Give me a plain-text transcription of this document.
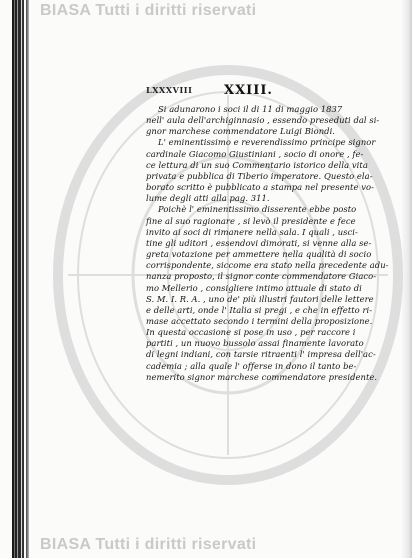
BIASA Tutti i diritti riservati
LXXXVIII XXIII.
Si adunarono i soci il di 11 di maggio 1837
nell' aula dell'archiginnasio , essendo preseduti dal si-
gnor marchese commendatore Luigi Biondi.
L' eminentissimo e reverendissimo principe signor
cardinale Giacomo Giustiniani , socio di onore , fe-
ce lettura di un suo Commentario istorico della vita
privata e pubblica di Tiberio imperatore. Questo ela-
borato scritto è pubblicato a stampa nel presente vo-
lume degli atti alla pag. 311.
Poichè l' eminentissimo disserente ebbe posto
fine al suo ragionare , si levò il presidente e fece
invito ai soci di rimanere nella sala. I quali , usci-
tine gli uditori , essendovi dimorati, si venne alla se-
greta votazione per ammettere nella qualità di socio
corrispondente, siccome era stato nella precedente adu-
nanza proposto, il signor conte commendatore Giaco-
mo Mellerio , consigliere intimo attuale di stato di
S. M. I. R. A. , uno de' più illustri fautori delle lettere
e delle arti, onde l' Italia si pregi , e che in effetto ri-
mase accettato secondo i termini della proposizione.
In questa occasione si pose in uso , per raccore i
partiti , un nuovo bussolo assai finamente lavorato
di legni indiani, con tarsie ritraenti l' impresa dell'ac-
cademia ; alla quale l' offerse in dono il tanto be-
nemerito signor marchese commendatore presidente.
BIASA Tutti i diritti riservati
